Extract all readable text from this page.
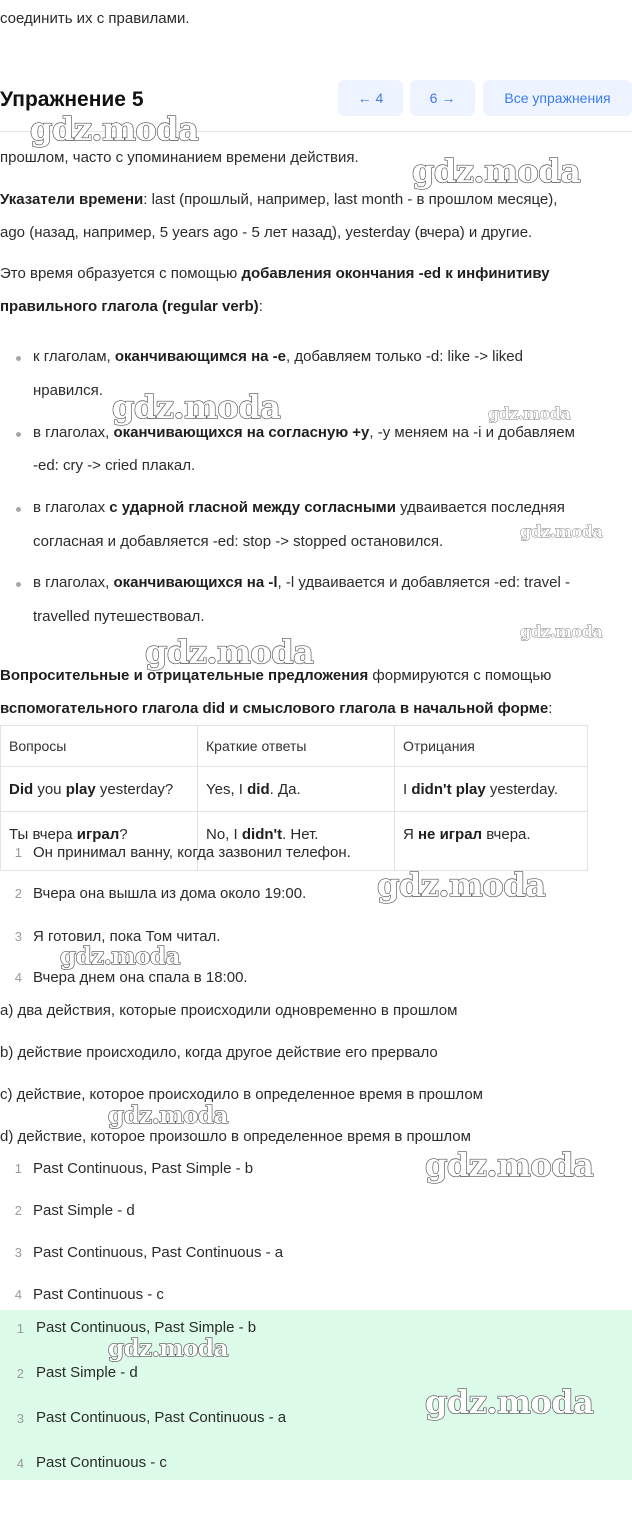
соединить их с правилами.
Упражнение 5	← 4	6 →	Все упражнения
прошлом, часто с упоминанием времени действия.
Указатели времени: last (прошлый, например, last month - в прошлом месяце),
ago (назад, например, 5 years ago - 5 лет назад), yesterday (вчера) и другие.
Это время образуется с помощью добавления окончания -ed к инфинитиву
правильного глагола (regular verb):
к глаголам, оканчивающимся на -е, добавляем только -d: like -> liked
нравился.
в глаголах, оканчивающихся на согласную +y, -y меняем на -i и добавляем
-ed: cry -> cried плакал.
в глаголах с ударной гласной между согласными удваивается последняя
согласная и добавляется -ed: stop -> stopped остановился.
в глаголах, оканчивающихся на -l, -l удваивается и добавляется -ed: travel -
travelled путешествовал.
Вопросительные и отрицательные предложения формируются с помощью
вспомогательного глагола did и смыслового глагола в начальной форме:
Вопросы	Краткие ответы	Отрицания
Did you play yesterday?	Yes, I did. Да.	I didn't play yesterday.
Ты вчера играл?	No, I didn't. Нет.	Я не играл вчера.
1 Он принимал ванну, когда зазвонил телефон.
2 Вчера она вышла из дома около 19:00.
3 Я готовил, пока Том читал.
4 Вчера днем она спала в 18:00.
a) два действия, которые происходили одновременно в прошлом
b) действие происходило, когда другое действие его прервало
c) действие, которое происходило в определенное время в прошлом
d) действие, которое произошло в определенное время в прошлом
1 Past Continuous, Past Simple - b
2 Past Simple - d
3 Past Continuous, Past Continuous - a
4 Past Continuous - c
1 Past Continuous, Past Simple - b
2 Past Simple - d
3 Past Continuous, Past Continuous - a
4 Past Continuous - c
gdz.moda
gdz.moda
gdz.moda	gdz.moda
gdz.moda
gdz.moda
gdz.moda
gdz.moda
gdz.moda
gdz.moda
gdz.moda
gdz.moda
gdz.moda
